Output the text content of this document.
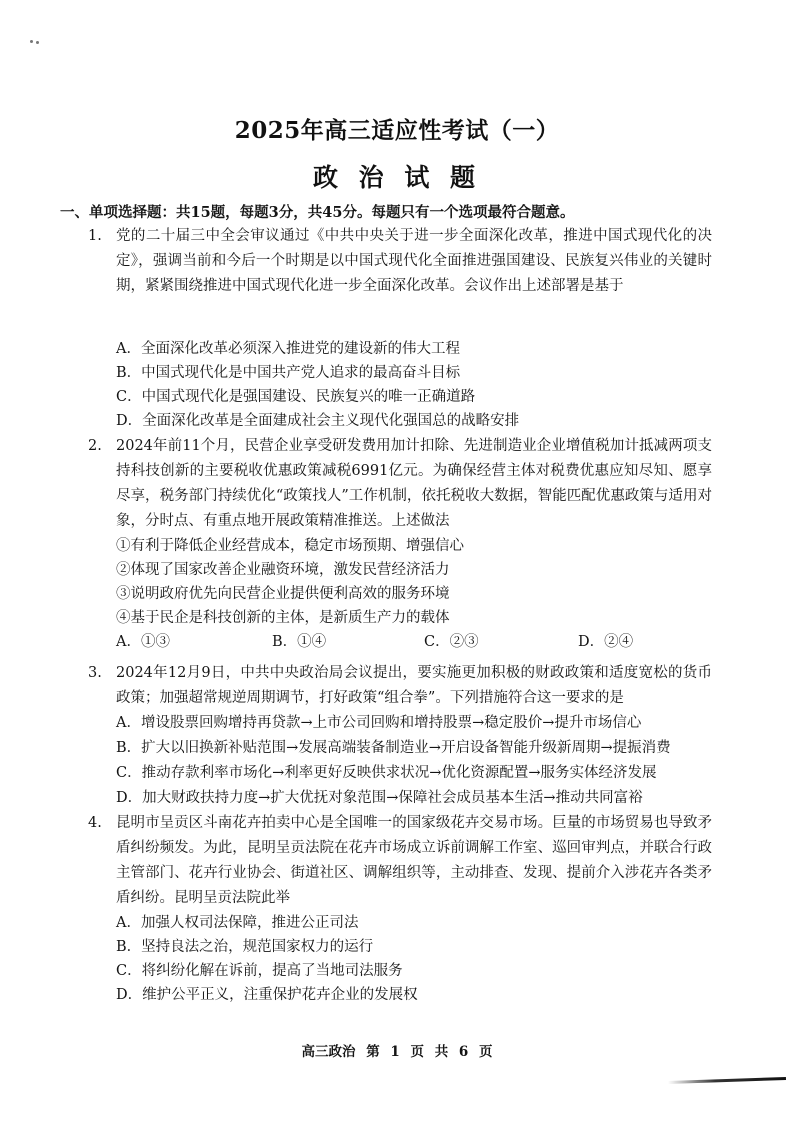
2025年高三适应性考试（一）
政 治 试 题
一、单项选择题：共15题，每题3分，共45分。每题只有一个选项最符合题意。
1. 党的二十届三中全会审议通过《中共中央关于进一步全面深化改革，推进中国式现代化的决定》，强调当前和今后一个时期是以中国式现代化全面推进强国建设、民族复兴伟业的关键时期，紧紧围绕推进中国式现代化进一步全面深化改革。会议作出上述部署是基于
A．全面深化改革必须深入推进党的建设新的伟大工程
B．中国式现代化是中国共产党人追求的最高奋斗目标
C．中国式现代化是强国建设、民族复兴的唯一正确道路
D．全面深化改革是全面建成社会主义现代化强国总的战略安排
2. 2024年前11个月，民营企业享受研发费用加计扣除、先进制造业企业增值税加计抵减两项支持科技创新的主要税收优惠政策减税6991亿元。为确保经营主体对税费优惠应知尽知、愿享尽享，税务部门持续优化“政策找人”工作机制，依托税收大数据，智能匹配优惠政策与适用对象，分时点、有重点地开展政策精准推送。上述做法
①有利于降低企业经营成本，稳定市场预期、增强信心
②体现了国家改善企业融资环境，激发民营经济活力
③说明政府优先向民营企业提供便利高效的服务环境
④基于民企是科技创新的主体，是新质生产力的载体
A．①③	B．①④	C．②③	D．②④
3. 2024年12月9日，中共中央政治局会议提出，要实施更加积极的财政政策和适度宽松的货币政策；加强超常规逆周期调节，打好政策“组合拳”。下列措施符合这一要求的是
A．增设股票回购增持再贷款→上市公司回购和增持股票→稳定股价→提升市场信心
B．扩大以旧换新补贴范围→发展高端装备制造业→开启设备智能升级新周期→提振消费
C．推动存款利率市场化→利率更好反映供求状况→优化资源配置→服务实体经济发展
D．加大财政扶持力度→扩大优抚对象范围→保障社会成员基本生活→推动共同富裕
4. 昆明市呈贡区斗南花卉拍卖中心是全国唯一的国家级花卉交易市场。巨量的市场贸易也导致矛盾纠纷频发。为此，昆明呈贡法院在花卉市场成立诉前调解工作室、巡回审判点，并联合行政主管部门、花卉行业协会、街道社区、调解组织等，主动排查、发现、提前介入涉花卉各类矛盾纠纷。昆明呈贡法院此举
A．加强人权司法保障，推进公正司法
B．坚持良法之治，规范国家权力的运行
C．将纠纷化解在诉前，提高了当地司法服务
D．维护公平正义，注重保护花卉企业的发展权
高三政治 第 1 页 共 6 页
